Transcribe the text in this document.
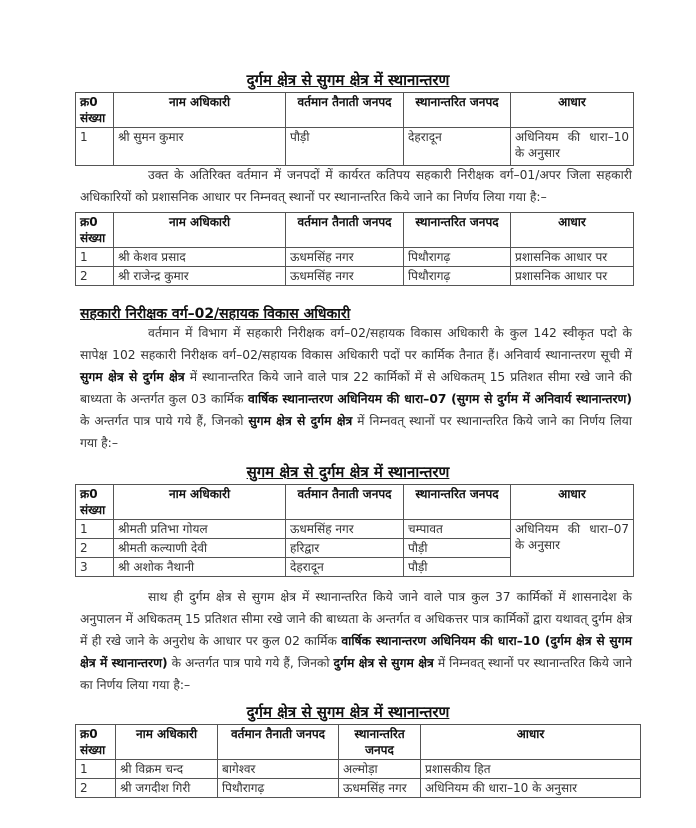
दुर्गम क्षेत्र से सुगम क्षेत्र में स्थानान्तरण
क्र0 संख्या	नाम अधिकारी	वर्तमान तैनाती जनपद	स्थानान्तरित जनपद	आधार
1	श्री सुमन कुमार	पौड़ी	देहरादून	अधिनियम की धारा–10 के अनुसार
उक्त के अतिरिक्त वर्तमान में जनपदों में कार्यरत कतिपय सहकारी निरीक्षक वर्ग–01/अपर जिला सहकारी अधिकारियों को प्रशासनिक आधार पर निम्नवत् स्थानों पर स्थानान्तरित किये जाने का निर्णय लिया गया है:–
क्र0 संख्या	नाम अधिकारी	वर्तमान तैनाती जनपद	स्थानान्तरित जनपद	आधार
1	श्री केशव प्रसाद	ऊधमसिंह नगर	पिथौरागढ़	प्रशासनिक आधार पर
2	श्री राजेन्द्र कुमार	ऊधमसिंह नगर	पिथौरागढ़	प्रशासनिक आधार पर
सहकारी निरीक्षक वर्ग–02/सहायक विकास अधिकारी
वर्तमान में विभाग में सहकारी निरीक्षक वर्ग–02/सहायक विकास अधिकारी के कुल 142 स्वीकृत पदो के सापेक्ष 102 सहकारी निरीक्षक वर्ग–02/सहायक विकास अधिकारी पदों पर कार्मिक तैनात हैं। अनिवार्य स्थानान्तरण सूची में सुगम क्षेत्र से दुर्गम क्षेत्र में स्थानान्तरित किये जाने वाले पात्र 22 कार्मिकों में से अधिकतम् 15 प्रतिशत सीमा रखे जाने की बाध्यता के अन्तर्गत कुल 03 कार्मिक वार्षिक स्थानान्तरण अधिनियम की धारा–07 (सुगम से दुर्गम में अनिवार्य स्थानान्तरण) के अन्तर्गत पात्र पाये गये हैं, जिनको सुगम क्षेत्र से दुर्गम क्षेत्र में निम्नवत् स्थानों पर स्थानान्तरित किये जाने का निर्णय लिया गया है:–
सुगम क्षेत्र से दुर्गम क्षेत्र में स्थानान्तरण
क्र0 संख्या	नाम अधिकारी	वर्तमान तैनाती जनपद	स्थानान्तरित जनपद	आधार
1	श्रीमती प्रतिभा गोयल	ऊधमसिंह नगर	चम्पावत	अधिनियम की धारा–07 के अनुसार
2	श्रीमती कल्याणी देवी	हरिद्वार	पौड़ी	
3	श्री अशोक नैथानी	देहरादून	पौड़ी	
साथ ही दुर्गम क्षेत्र से सुगम क्षेत्र में स्थानान्तरित किये जाने वाले पात्र कुल 37 कार्मिकों में शासनादेश के अनुपालन में अधिकतम् 15 प्रतिशत सीमा रखे जाने की बाध्यता के अन्तर्गत व अधिकत्तर पात्र कार्मिकों द्वारा यथावत् दुर्गम क्षेत्र में ही रखे जाने के अनुरोध के आधार पर कुल 02 कार्मिक वार्षिक स्थानान्तरण अधिनियम की धारा–10 (दुर्गम क्षेत्र से सुगम क्षेत्र में स्थानान्तरण) के अन्तर्गत पात्र पाये गये हैं, जिनको दुर्गम क्षेत्र से सुगम क्षेत्र में निम्नवत् स्थानों पर स्थानान्तरित किये जाने का निर्णय लिया गया है:–
दुर्गम क्षेत्र से सुगम क्षेत्र में स्थानान्तरण
क्र0 संख्या	नाम अधिकारी	वर्तमान तैनाती जनपद	स्थानान्तरित जनपद	आधार
1	श्री विक्रम चन्द	बागेश्वर	अल्मोड़ा	प्रशासकीय हित
2	श्री जगदीश गिरी	पिथौरागढ़	ऊधमसिंह नगर	अधिनियम की धारा–10 के अनुसार
